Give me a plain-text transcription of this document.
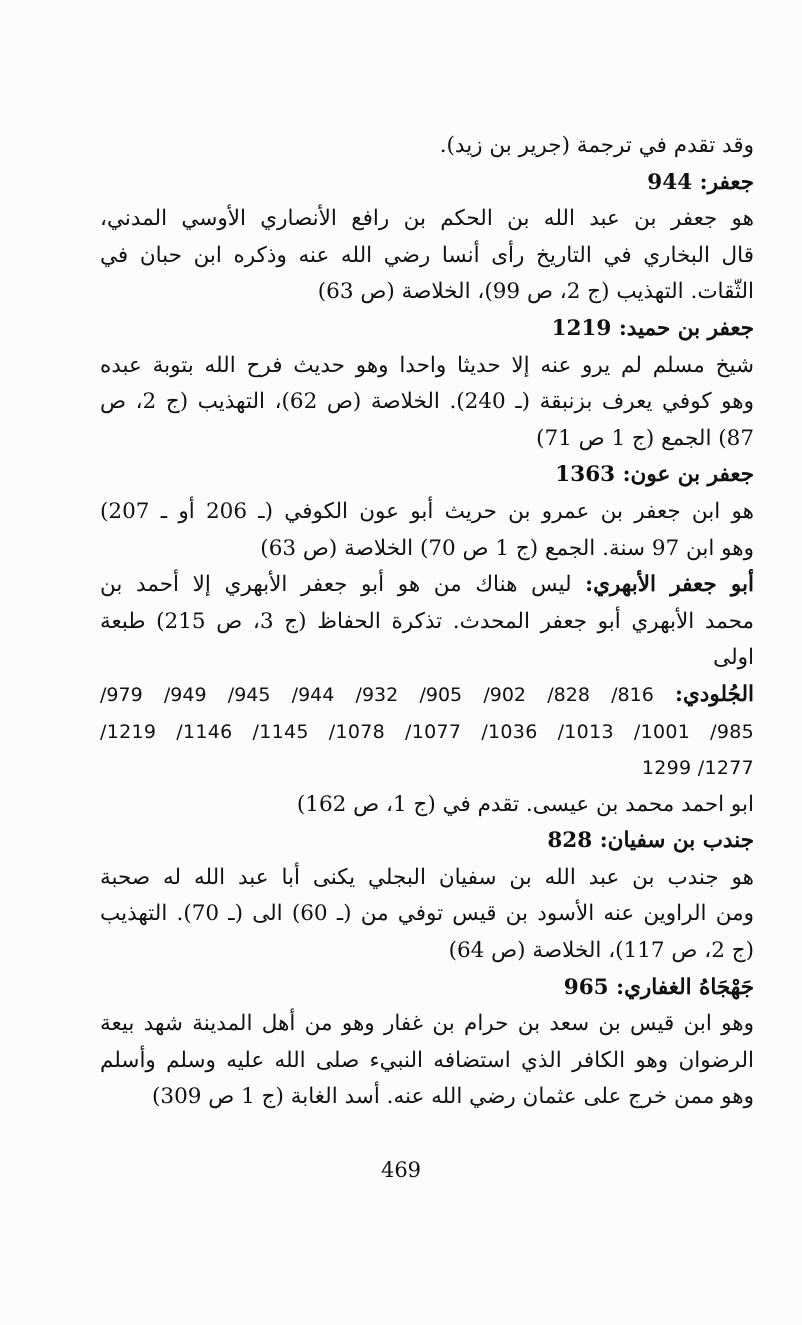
وقد تقدم في ترجمة (جرير بن زيد).
جعفر: 944
هو جعفر بن عبد الله بن الحكم بن رافع الأنصاري الأوسي المدني،
قال البخاري في التاريخ رأى أنسا رضي الله عنه وذكره ابن حبان في
الثّقات. التهذيب (ج 2، ص 99)، الخلاصة (ص 63)
جعفر بن حميد: 1219
شيخ مسلم لم يرو عنه إلا حديثا واحدا وهو حديث فرح الله بتوبة عبده
وهو كوفي يعرف بزنبقة (ـ 240). الخلاصة (ص 62)، التهذيب (ج 2، ص
87) الجمع (ج 1 ص 71)
جعفر بن عون: 1363
هو ابن جعفر بن عمرو بن حريث أبو عون الكوفي (ـ 206 أو ـ 207)
وهو ابن 97 سنة. الجمع (ج 1 ص 70) الخلاصة (ص 63)
أبو جعفر الأبهري: ليس هناك من هو أبو جعفر الأبهري إلا أحمد بن
محمد الأبهري أبو جعفر المحدث. تذكرة الحفاظ (ج 3، ص 215) طبعة
اولى
الجُلودي: 816/ 828/ 902/ 905/ 932/ 944/ 945/ 949/ 979/
985/ 1001/ 1013/ 1036/ 1077/ 1078/ 1145/ 1146/ 1219/
1277/ 1299
ابو احمد محمد بن عيسى. تقدم في (ج 1، ص 162)
جندب بن سفيان: 828
هو جندب بن عبد الله بن سفيان البجلي يكنى أبا عبد الله له صحبة
ومن الراوين عنه الأسود بن قيس توفي من (ـ 60) الى (ـ 70). التهذيب
(ج 2، ص 117)، الخلاصة (ص 64)
جَهْجَاهُ الغفاري: 965
وهو ابن قيس بن سعد بن حرام بن غفار وهو من أهل المدينة شهد بيعة
الرضوان وهو الكافر الذي استضافه النبيء صلى الله عليه وسلم وأسلم
وهو ممن خرج على عثمان رضي الله عنه. أسد الغابة (ج 1 ص 309)
469
